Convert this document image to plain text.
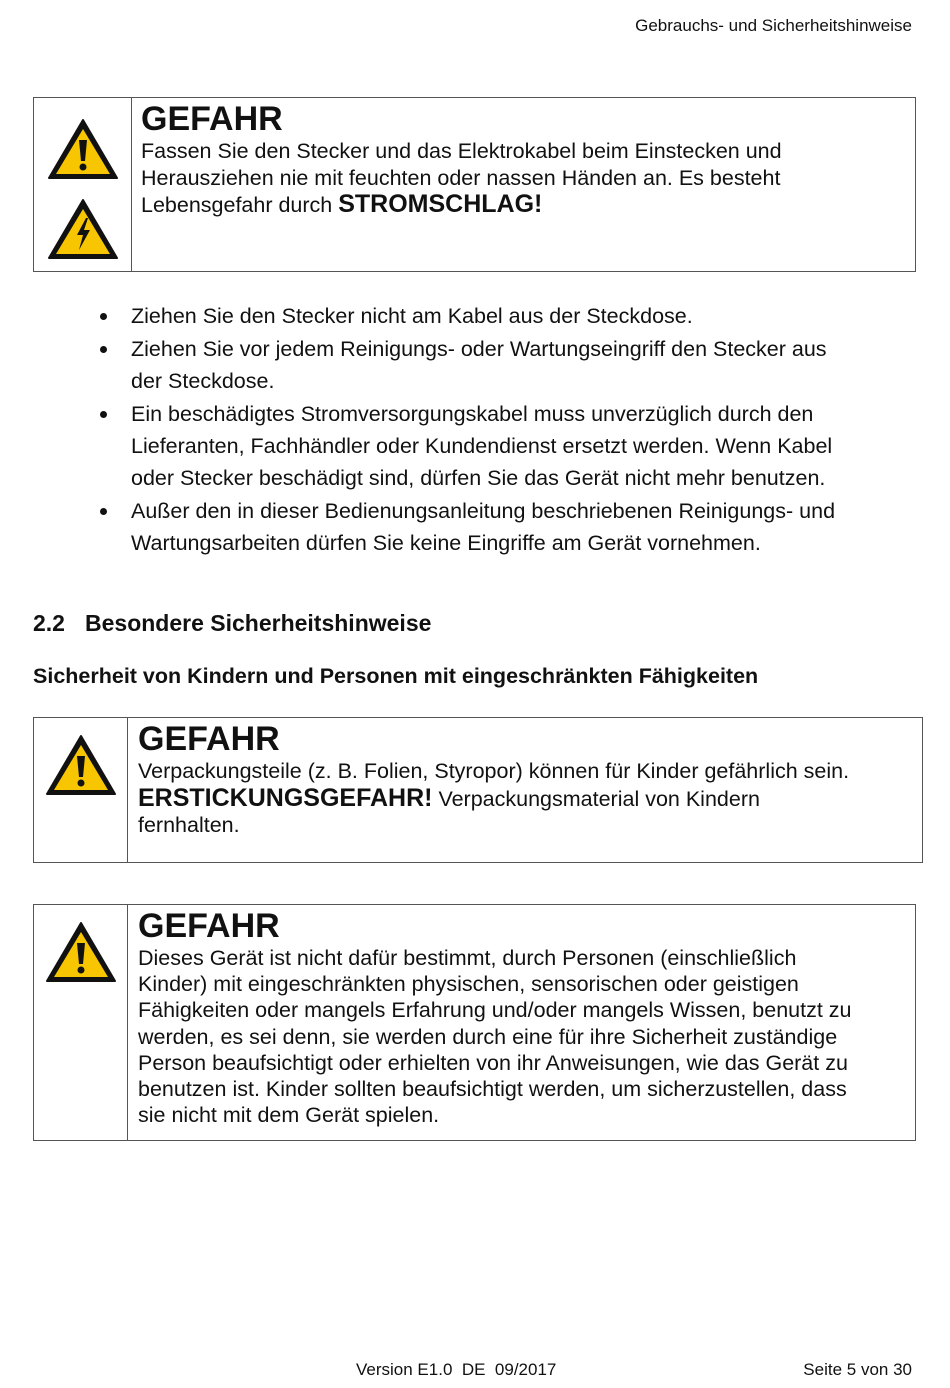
Gebrauchs- und Sicherheitshinweise
GEFAHR
Fassen Sie den Stecker und das Elektrokabel beim Einstecken und
Herausziehen nie mit feuchten oder nassen Händen an. Es besteht
Lebensgefahr durch STROMSCHLAG!
Ziehen Sie den Stecker nicht am Kabel aus der Steckdose.
Ziehen Sie vor jedem Reinigungs- oder Wartungseingriff den Stecker aus
der Steckdose.
Ein beschädigtes Stromversorgungskabel muss unverzüglich durch den
Lieferanten, Fachhändler oder Kundendienst ersetzt werden. Wenn Kabel
oder Stecker beschädigt sind, dürfen Sie das Gerät nicht mehr benutzen.
Außer den in dieser Bedienungsanleitung beschriebenen Reinigungs- und
Wartungsarbeiten dürfen Sie keine Eingriffe am Gerät vornehmen.
2.2 Besondere Sicherheitshinweise
Sicherheit von Kindern und Personen mit eingeschränkten Fähigkeiten
GEFAHR
Verpackungsteile (z. B. Folien, Styropor) können für Kinder gefährlich sein.
ERSTICKUNGSGEFAHR! Verpackungsmaterial von Kindern
fernhalten.
GEFAHR
Dieses Gerät ist nicht dafür bestimmt, durch Personen (einschließlich
Kinder) mit eingeschränkten physischen, sensorischen oder geistigen
Fähigkeiten oder mangels Erfahrung und/oder mangels Wissen, benutzt zu
werden, es sei denn, sie werden durch eine für ihre Sicherheit zuständige
Person beaufsichtigt oder erhielten von ihr Anweisungen, wie das Gerät zu
benutzen ist. Kinder sollten beaufsichtigt werden, um sicherzustellen, dass
sie nicht mit dem Gerät spielen.
Version E1.0  DE  09/2017	Seite 5 von 30
